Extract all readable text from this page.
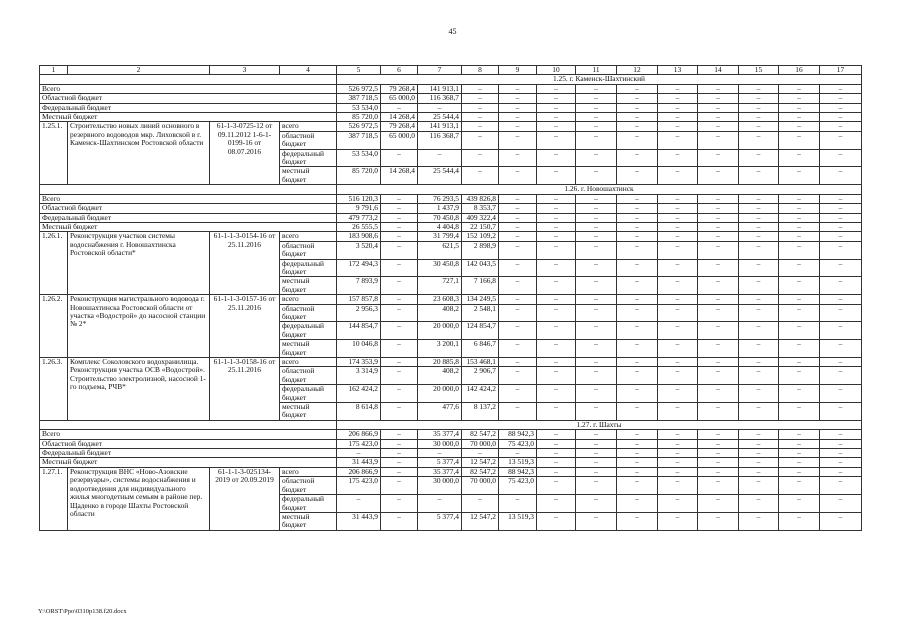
45
1	2	3	4	5	6	7	8	9	10	11	12	13	14	15	16	17
				1.25. г. Каменск-Шахтинский												
Всего				526 972,5	79 268,4	141 913,1	–	–	–	–	–	–	–	–	–	–
Областной бюджет				387 718,5	65 000,0	116 368,7	–	–	–	–	–	–	–	–	–	–
Федеральный бюджет				53 534,0	–	–	–	–	–	–	–	–	–	–	–	–
Местный бюджет				85 720,0	14 268,4	25 544,4	–	–	–	–	–	–	–	–	–	–
1.25.1.	Строительство новых линий основного в резервного водоводов мкр. Лиховской в г. Каменск-Шахтинском Ростовской области	61-1-3-0725-12 от 09.11.2012 1-6-1-0199-16 от 08.07.2016	всего	526 972,5	79 268,4	141 913,1	–	–	–	–	–	–	–	–	–	–
			областной бюджет	387 718,5	65 000,0	116 368,7	–	–	–	–	–	–	–	–	–	–
			федеральный бюджет	53 534,0	–	–	–	–	–	–	–	–	–	–	–	–
			местный бюджет	85 720,0	14 268,4	25 544,4	–	–	–	–	–	–	–	–	–	–
				1.26. г. Новошахтинск												
Всего				516 120,3	–	76 293,5	439 826,8	–	–	–	–	–	–	–	–	–
Областной бюджет				9 791,6	–	1 437,9	8 353,7	–	–	–	–	–	–	–	–	–
Федеральный бюджет				479 773,2	–	70 450,8	409 322,4	–	–	–	–	–	–	–	–	–
Местный бюджет				26 555,5	–	4 404,8	22 150,7	–	–	–	–	–	–	–	–	–
1.26.1.	Реконструкция участков системы водоснабжения г. Новошахтинска Ростовской области*	61-1-1-3-0154-16 от 25.11.2016	всего	183 908,6	–	31 799,4	152 109,2	–	–	–	–	–	–	–	–	–
			областной бюджет	3 520,4	–	621,5	2 898,9	–	–	–	–	–	–	–	–	–
			федеральный бюджет	172 494,3	–	30 450,8	142 043,5	–	–	–	–	–	–	–	–	–
			местный бюджет	7 893,9	–	727,1	7 166,8	–	–	–	–	–	–	–	–	–
1.26.2.	Реконструкция магистрального водовода г. Новошахтинска Ростовской области от участка «Водострой» до насосной станции № 2*	61-1-1-3-0157-16 от 25.11.2016	всего	157 857,8	–	23 608,3	134 249,5	–	–	–	–	–	–	–	–	–
			областной бюджет	2 956,3	–	408,2	2 548,1	–	–	–	–	–	–	–	–	–
			федеральный бюджет	144 854,7	–	20 000,0	124 854,7	–	–	–	–	–	–	–	–	–
			местный бюджет	10 046,8	–	3 200,1	6 846,7	–	–	–	–	–	–	–	–	–
1.26.3.	Комплекс Соколовского водохранилища. Реконструкция участка ОСВ «Водострой». Строительство электролизной, насосной 1-го подъема, РЧВ*	61-1-1-3-0158-16 от 25.11.2016	всего	174 353,9	–	20 885,8	153 468,1	–	–	–	–	–	–	–	–	–
			областной бюджет	3 314,9	–	408,2	2 906,7	–	–	–	–	–	–	–	–	–
			федеральный бюджет	162 424,2	–	20 000,0	142 424,2	–	–	–	–	–	–	–	–	–
			местный бюджет	8 614,8	–	477,6	8 137,2	–	–	–	–	–	–	–	–	–
				1.27. г. Шахты												
Всего				206 866,9	–	35 377,4	82 547,2	88 942,3	–	–	–	–	–	–	–	–
Областной бюджет				175 423,0	–	30 000,0	70 000,0	75 423,0	–	–	–	–	–	–	–	–
Федеральный бюджет				–	–	–	–	–	–	–	–	–	–	–	–	–
Местный бюджет				31 443,9	–	5 377,4	12 547,2	13 519,3	–	–	–	–	–	–	–	–
1.27.1.	Реконструкция ВНС «Ново-Азовские резервуары», системы водоснабжения и водоотведения для индивидуального жилья многодетным семьям в районе пер. Щаденко в городе Шахты Ростовской области	61-1-1-3-025134-2019 от 20.09.2019	всего	206 866,9	–	35 377,4	82 547,2	88 942,3	–	–	–	–	–	–	–	–
			областной бюджет	175 423,0	–	30 000,0	70 000,0	75 423,0	–	–	–	–	–	–	–	–
			федеральный бюджет	–	–	–	–	–	–	–	–	–	–	–	–	–
			местный бюджет	31 443,9	–	5 377,4	12 547,2	13 519,3	–	–	–	–	–	–	–	–
Y:\ORST\Ppo\0310p138.f20.docx
